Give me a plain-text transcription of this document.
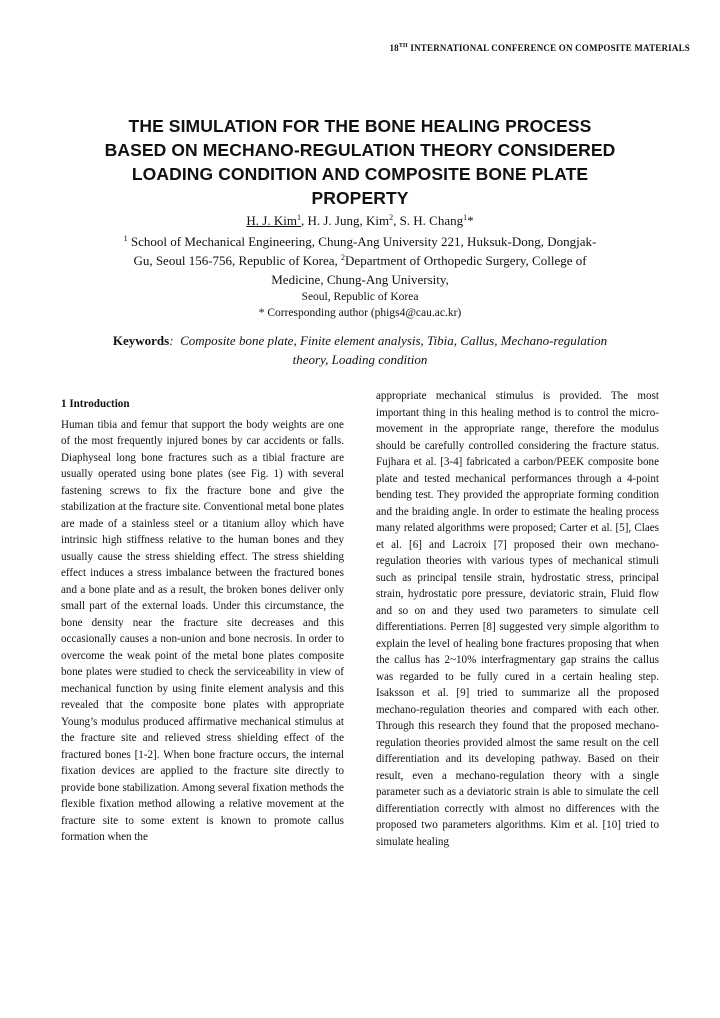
18TH INTERNATIONAL CONFERENCE ON COMPOSITE MATERIALS
THE SIMULATION FOR THE BONE HEALING PROCESS
BASED ON MECHANO-REGULATION THEORY CONSIDERED
LOADING CONDITION AND COMPOSITE BONE PLATE
PROPERTY
H. J. Kim$^1$, H. J. Jung, Kim$^2$, S. H. Chang$^1$*
$^1$ School of Mechanical Engineering, Chung-Ang University 221, Huksuk-Dong, Dongjak-
Gu, Seoul 156-756, Republic of Korea, $^2$Department of Orthopedic Surgery, College of
Medicine, Chung-Ang University,
Seoul, Republic of Korea
* Corresponding author (phigs4@cau.ac.kr)
Keywords: Composite bone plate, Finite element analysis, Tibia, Callus, Mechano-regulation
theory, Loading condition
1 Introduction

Human tibia and femur that support the body weights are one of the most frequently injured bones by car accidents or falls. Diaphyseal long bone fractures such as a tibial fracture are usually operated using bone plates (see Fig. 1) with several fastening screws to fix the fracture bone and give the stabilization at the fracture site. Conventional metal bone plates are made of a stainless steel or a titanium alloy which have intrinsic high stiffness relative to the human bones and they usually cause the stress shielding effect. The stress shielding effect induces a stress imbalance between the fractured bones and a bone plate and as a result, the broken bones deliver only small part of the external loads. Under this circumstance, the bone density near the fracture site decreases and this occasionally causes a non-union and bone necrosis. In order to overcome the weak point of the metal bone plates composite bone plates were studied to check the serviceability in view of mechanical function by using finite element analysis and this revealed that the composite bone plates with appropriate Young’s modulus produced affirmative mechanical stimulus at the fracture site and relieved stress shielding effect of the fractured bones [1-2]. When bone fracture occurs, the internal fixation devices are applied to the fracture site directly to provide bone stabilization. Among several fixation methods the flexible fixation method allowing a relative movement at the fracture site to some extent is known to promote callus formation when the

appropriate mechanical stimulus is provided. The most important thing in this healing method is to control the micro-movement in the appropriate range, therefore the modulus should be carefully controlled considering the fracture status. Fujhara et al. [3-4] fabricated a carbon/PEEK composite bone plate and tested mechanical performances through a 4-point bending test. They provided the appropriate forming condition and the braiding angle. In order to estimate the healing process many related algorithms were proposed; Carter et al. [5], Claes et al. [6] and Lacroix [7] proposed their own mechano-regulation theories with various types of mechanical stimuli such as principal tensile strain, hydrostatic stress, principal strain, hydrostatic pore pressure, deviatoric strain, Fluid flow and so on and they used two parameters to simulate cell differentiations. Perren [8] suggested very simple algorithm to explain the level of healing bone fractures proposing that when the callus has 2~10% interfragmentary gap strains the callus was regarded to be fully cured in a certain healing step. Isaksson et al. [9] tried to summarize all the proposed mechano-regulation theories and compared with each other. Through this research they found that the proposed mechano-regulation theories provided almost the same result on the cell differentiation and its developing pathway. Based on their result, even a mechano-regulation theory with a single parameter such as a deviatoric strain is able to simulate the cell differentiation correctly with almost no differences with the proposed two parameters algorithms. Kim et al. [10] tried to simulate healing
